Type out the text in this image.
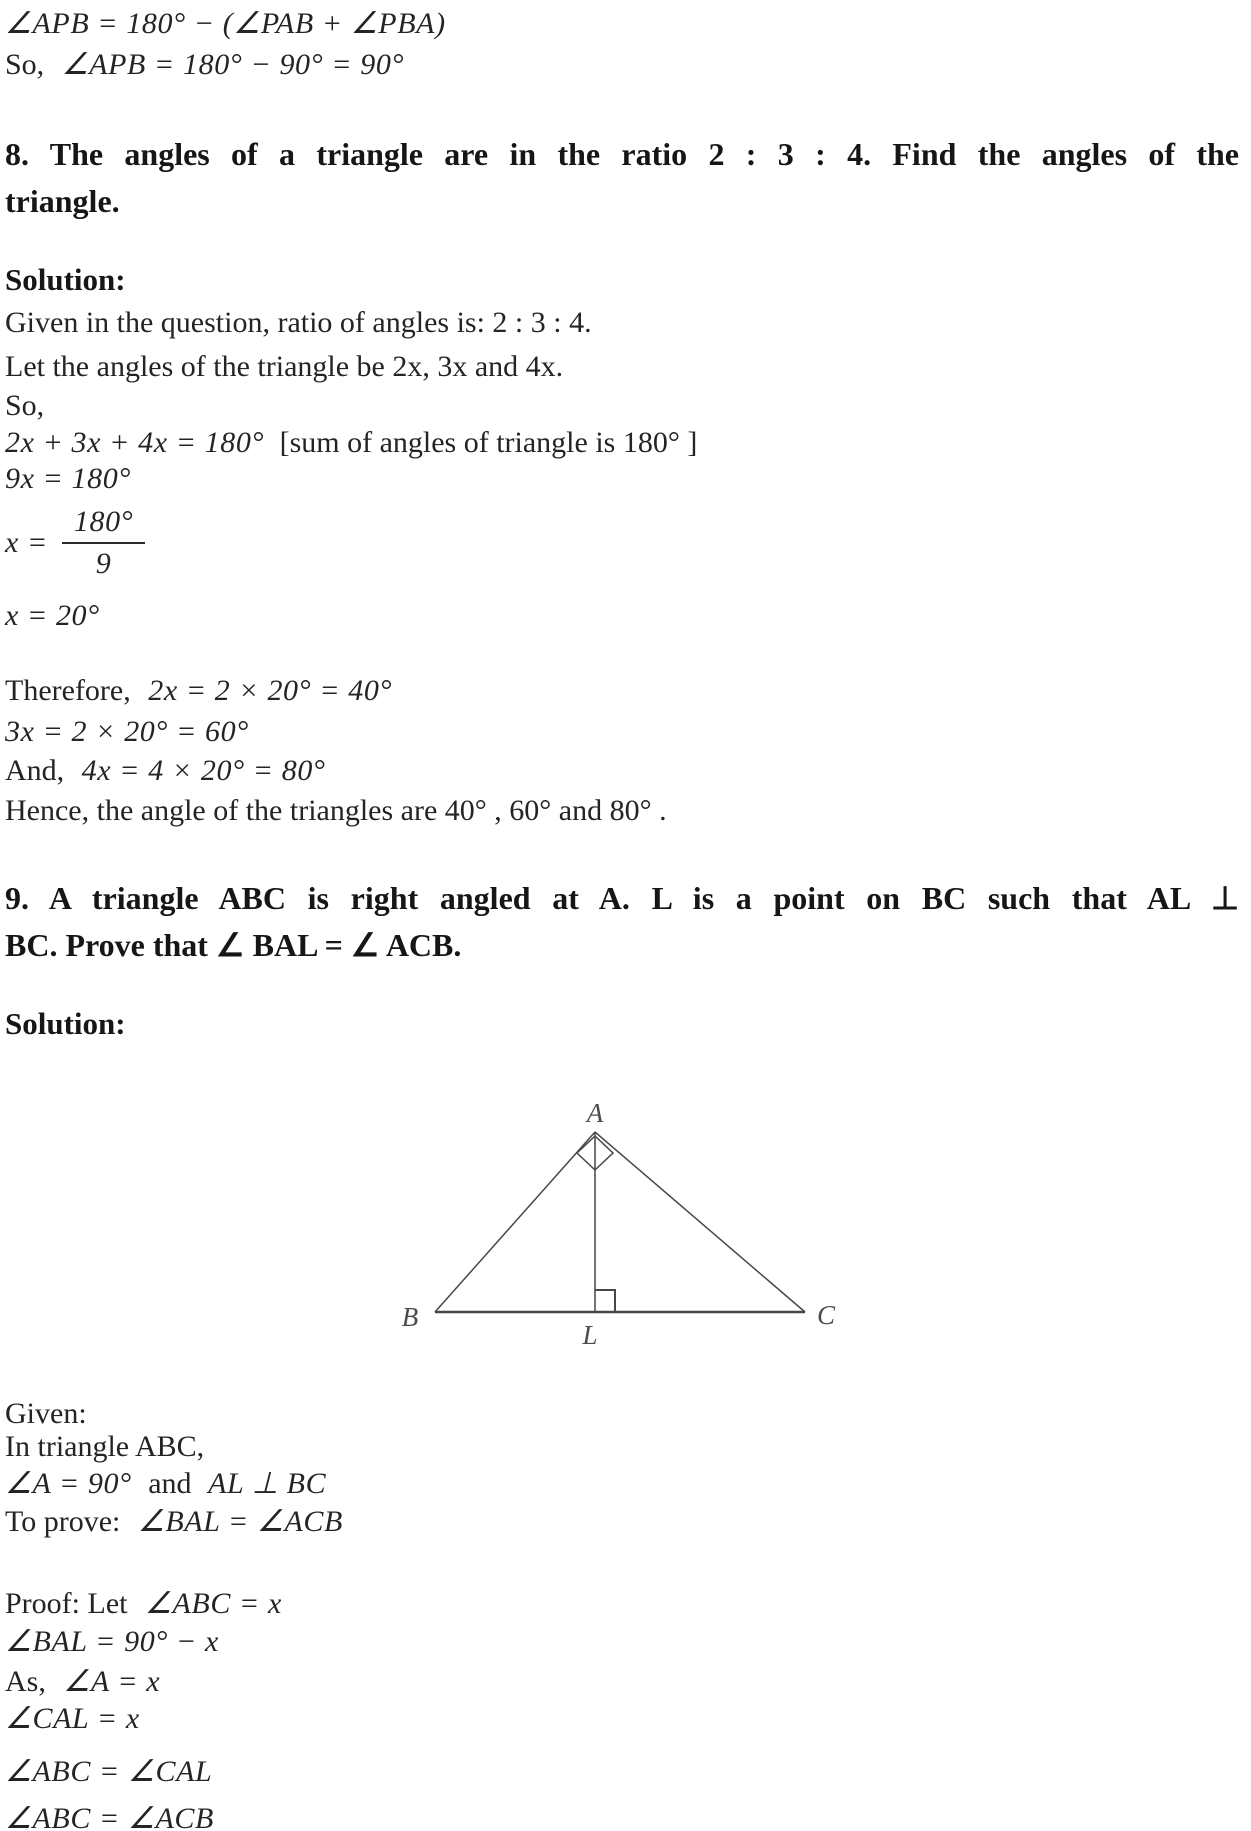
∠APB = 180° − (∠PAB + ∠PBA)
So, ∠APB = 180° − 90° = 90°
8. The angles of a triangle are in the ratio 2 : 3 : 4. Find the angles of the
triangle.
Solution:
Given in the question, ratio of angles is: 2 : 3 : 4.
Let the angles of the triangle be 2x, 3x and 4x.
So,
2x + 3x + 4x = 180° [sum of angles of triangle is 180° ]
9x = 180°
$x = \frac{180^\circ}{9}$
x = 20°
Therefore, 2x = 2 × 20° = 40°
3x = 2 × 20° = 60°
And, 4x = 4 × 20° = 80°
Hence, the angle of the triangles are 40° , 60° and 80° .
9. A triangle ABC is right angled at A. L is a point on BC such that AL ⊥
BC. Prove that ∠ BAL = ∠ ACB.
Solution:
A
B	C
L
Given:
In triangle ABC,
∠A = 90° and AL ⊥ BC
To prove: ∠BAL = ∠ACB
Proof: Let ∠ABC = x
∠BAL = 90° − x
As, ∠A = x
∠CAL = x
∠ABC = ∠CAL
∠ABC = ∠ACB
